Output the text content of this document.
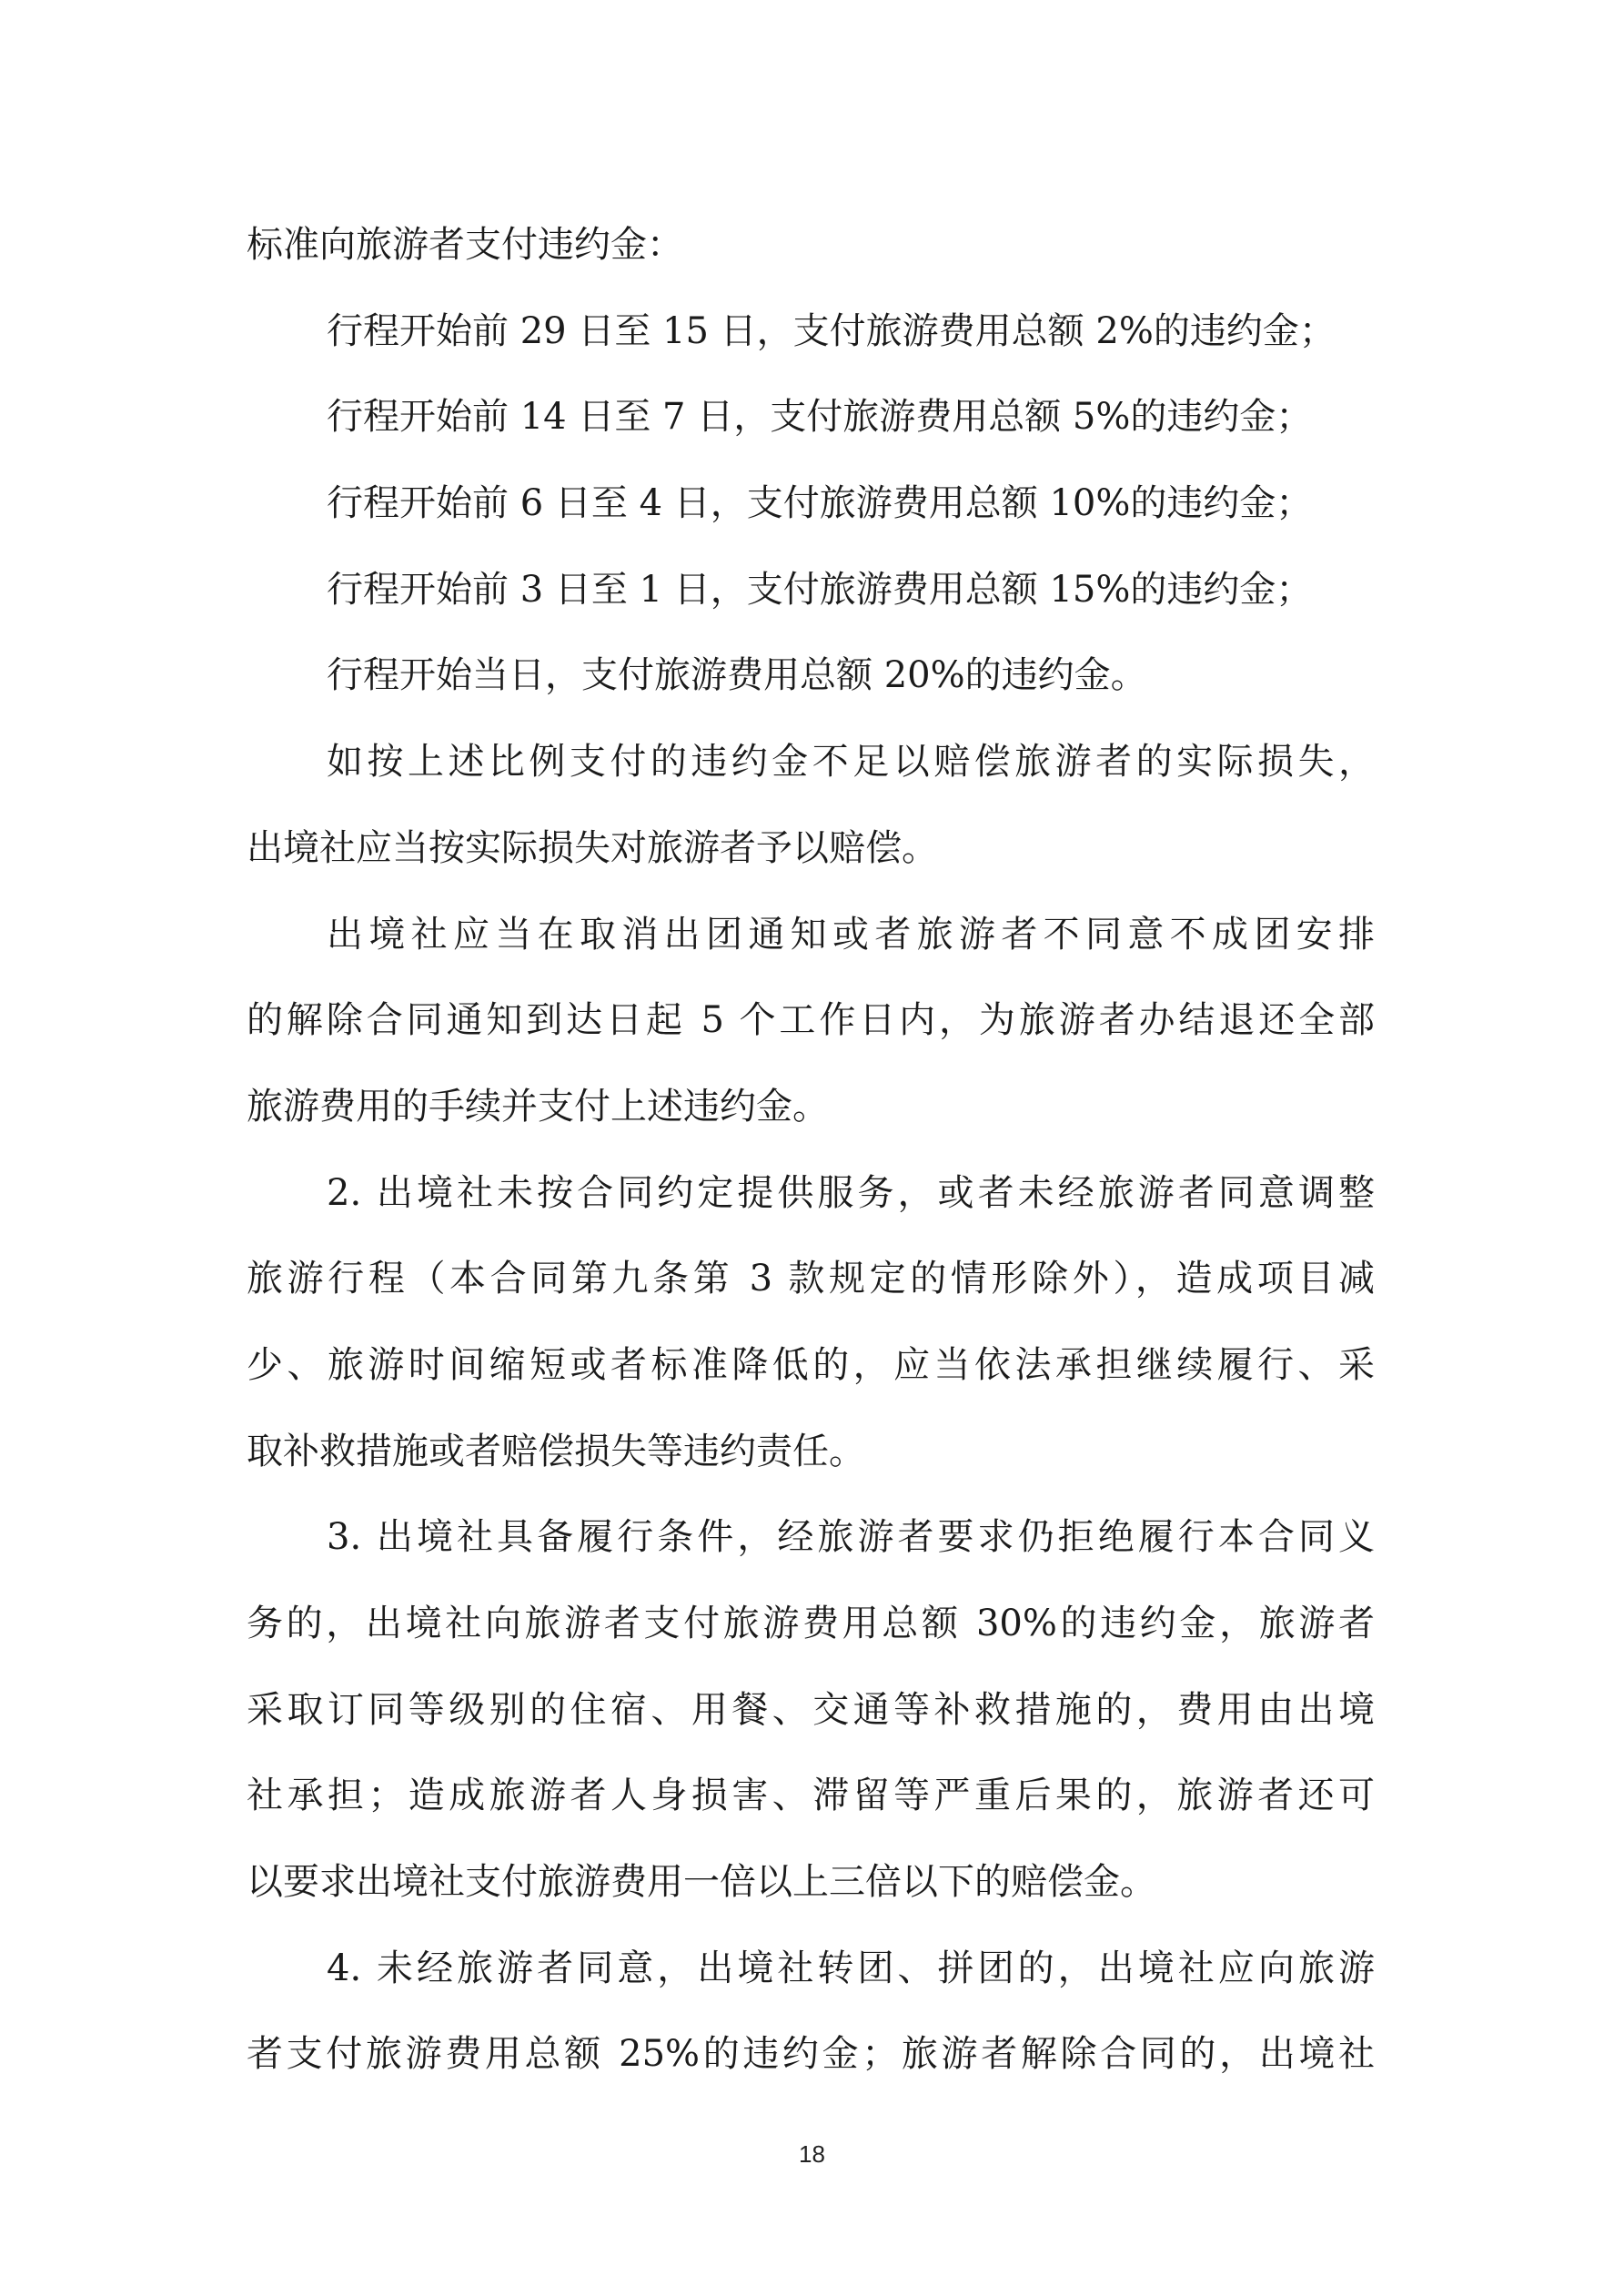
标准向旅游者支付违约金：
行程开始前 29 日至 15 日，支付旅游费用总额 2%的违约金；
行程开始前 14 日至 7 日，支付旅游费用总额 5%的违约金；
行程开始前 6 日至 4 日，支付旅游费用总额 10%的违约金；
行程开始前 3 日至 1 日，支付旅游费用总额 15%的违约金；
行程开始当日，支付旅游费用总额 20%的违约金。
如按上述比例支付的违约金不足以赔偿旅游者的实际损失，
出境社应当按实际损失对旅游者予以赔偿。
出境社应当在取消出团通知或者旅游者不同意不成团安排
的解除合同通知到达日起 5 个工作日内，为旅游者办结退还全部
旅游费用的手续并支付上述违约金。
2. 出境社未按合同约定提供服务，或者未经旅游者同意调整
旅游行程（本合同第九条第 3 款规定的情形除外），造成项目减
少、旅游时间缩短或者标准降低的，应当依法承担继续履行、采
取补救措施或者赔偿损失等违约责任。
3. 出境社具备履行条件，经旅游者要求仍拒绝履行本合同义
务的，出境社向旅游者支付旅游费用总额 30%的违约金，旅游者
采取订同等级别的住宿、用餐、交通等补救措施的，费用由出境
社承担；造成旅游者人身损害、滞留等严重后果的，旅游者还可
以要求出境社支付旅游费用一倍以上三倍以下的赔偿金。
4. 未经旅游者同意，出境社转团、拼团的，出境社应向旅游
者支付旅游费用总额 25%的违约金；旅游者解除合同的，出境社
18
